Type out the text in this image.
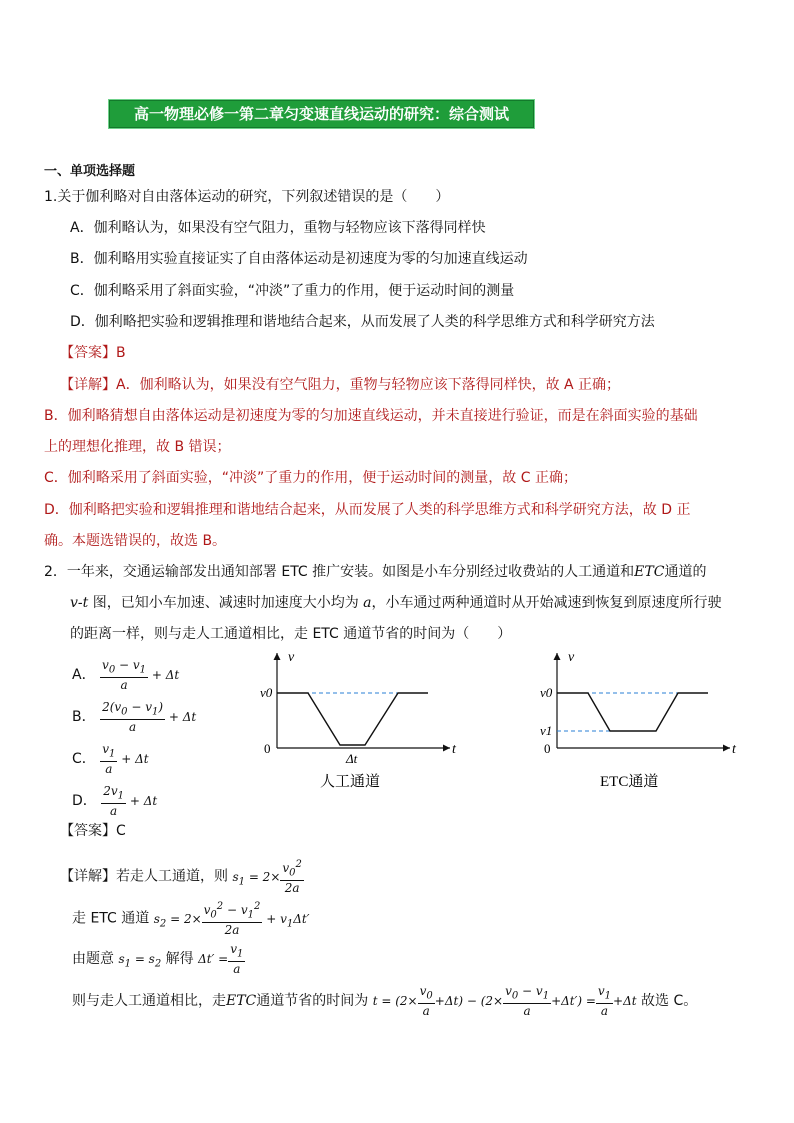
高一物理必修一第二章匀变速直线运动的研究：综合测试
一、单项选择题
1.关于伽利略对自由落体运动的研究，下列叙述错误的是（　　）
A．伽利略认为，如果没有空气阻力，重物与轻物应该下落得同样快
B．伽利略用实验直接证实了自由落体运动是初速度为零的匀加速直线运动
C．伽利略采用了斜面实验，“冲淡”了重力的作用，便于运动时间的测量
D．伽利略把实验和逻辑推理和谐地结合起来，从而发展了人类的科学思维方式和科学研究方法
【答案】B
【详解】A．伽利略认为，如果没有空气阻力，重物与轻物应该下落得同样快，故 A 正确；
B．伽利略猜想自由落体运动是初速度为零的匀加速直线运动，并未直接进行验证，而是在斜面实验的基础
上的理想化推理，故 B 错误；
C．伽利略采用了斜面实验，“冲淡”了重力的作用，便于运动时间的测量，故 C 正确；
D．伽利略把实验和逻辑推理和谐地结合起来，从而发展了人类的科学思维方式和科学研究方法，故 D 正
确。本题选错误的，故选 B。
2．一年来，交通运输部发出通知部署 ETC 推广安装。如图是小车分别经过收费站的人工通道和ETC通道的
v-t 图，已知小车加速、减速时加速度大小均为 a，小车通过两种通道时从开始减速到恢复到原速度所行驶
的距离一样，则与走人工通道相比，走 ETC 通道节省的时间为（　　）
A． $\frac{v_0 - v_1}{a} + \Delta t$
B． $\frac{2(v_0 - v_1)}{a} + \Delta t$
C． $\frac{v_1}{a} + \Delta t$
D． $\frac{2v_1}{a} + \Delta t$
v
v0
0
Δt
t
人工通道
v
v0
v1
0	t
ETC通道
【答案】C
【详解】若走人工通道，则 $s_1 = 2\times \frac{v_0^2}{2a}$
走 ETC 通道 $s_2 = 2\times \frac{v_0^2 - v_1^2}{2a} + v_1\Delta t'$
由题意 $s_1 = s_2$ 解得 $\Delta t' = \frac{v_1}{a}$
则与走人工通道相比，走ETC通道节省的时间为 $t = (2\times \frac{v_0}{a} +\Delta t) - (2\times \frac{v_0 - v_1}{a} +\Delta t') = \frac{v_1}{a} +\Delta t$ 故选 C。
